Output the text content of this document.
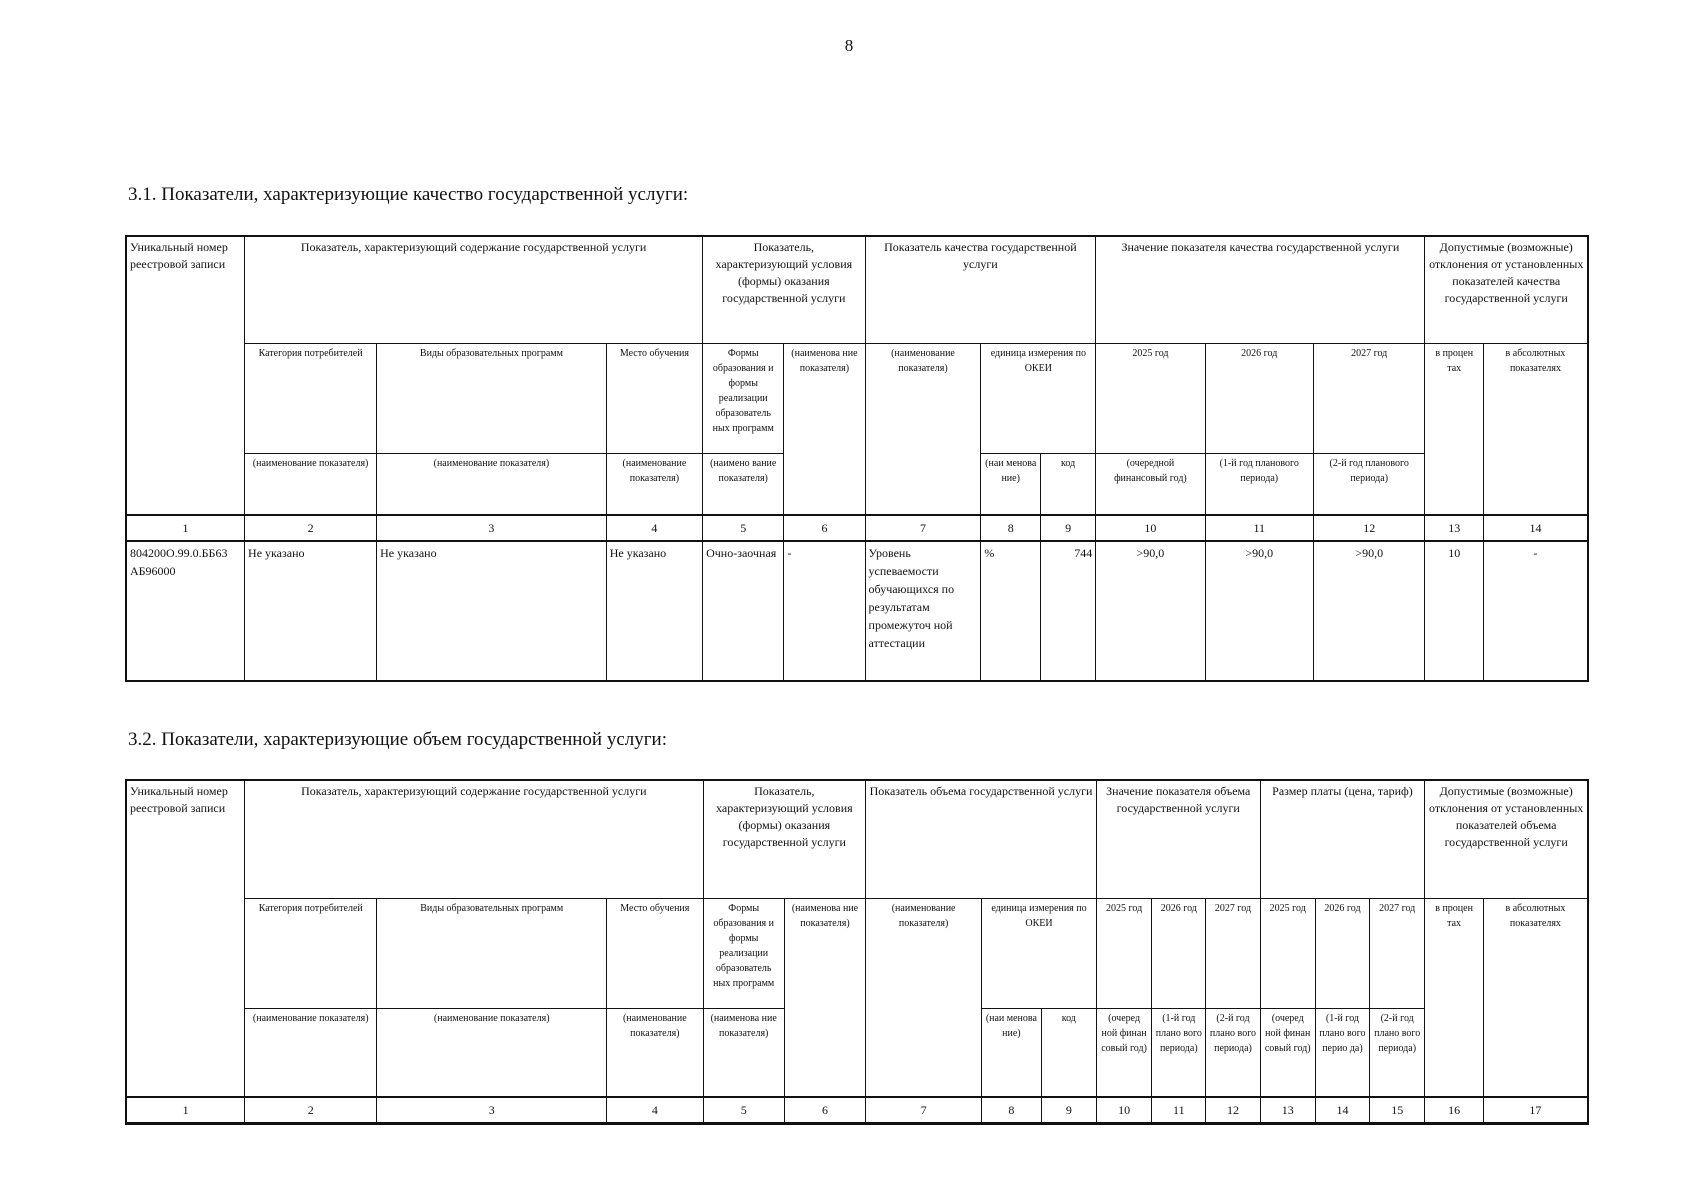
8
3.1. Показатели, характеризующие качество государственной услуги:
Уникальный номер реестровой записи	Показатель, характеризующий содержание государственной услуги			Показатель, характеризующий условия (формы) оказания государственной услуги		Показатель качества государственной услуги			Значение показателя качества государственной услуги			Допустимые (возможные) отклонения от установленных показателей качества государственной услуги	
	Категория потребителей	Виды образовательных программ	Место обучения	Формы образования и формы реализации образователь ных программ	(наименова ние показателя)	(наименование показателя)	единица измерения по ОКЕИ		2025 год	2026 год	2027 год	в процен тах	в абсолютных показателях
	(наименование показателя)	(наименование показателя)	(наименование показателя)	(наимено вание показателя)			(наи менова ние)	код	(очередной финансовый год)	(1-й год планового периода)	(2-й год планового периода)		
1	2	3	4	5	6	7	8	9	10	11	12	13	14
804200О.99.0.ББ63 АБ96000	Не указано	Не указано	Не указано	Очно-заочная	-	Уровень успеваемости обучающихся по результатам промежуточ ной аттестации	%	744	>90,0	>90,0	>90,0	10	-
3.2. Показатели, характеризующие объем государственной услуги:
Уникальный номер реестровой записи	Показатель, характеризующий содержание государственной услуги			Показатель, характеризующий условия (формы) оказания государственной услуги		Показатель объема государственной услуги			Значение показателя объема государственной услуги			Размер платы (цена, тариф)			Допустимые (возможные) отклонения от установленных показателей объема государственной услуги	
	Категория потребителей	Виды образовательных программ	Место обучения	Формы образования и формы реализации образователь ных программ	(наименова ние показателя)	(наименование показателя)	единица измерения по ОКЕИ		2025 год	2026 год	2027 год	2025 год	2026 год	2027 год	в процен тах	в абсолютных показателях
	(наименование показателя)	(наименование показателя)	(наименование показателя)	(наименова ние показателя)			(наи менова ние)	код	(очеред ной финан совый год)	(1-й год плано вого периода)	(2-й год плано вого периода)	(очеред ной финан совый год)	(1-й год плано вого перио да)	(2-й год плано вого периода)		
1	2	3	4	5	6	7	8	9	10	11	12	13	14	15	16	17
